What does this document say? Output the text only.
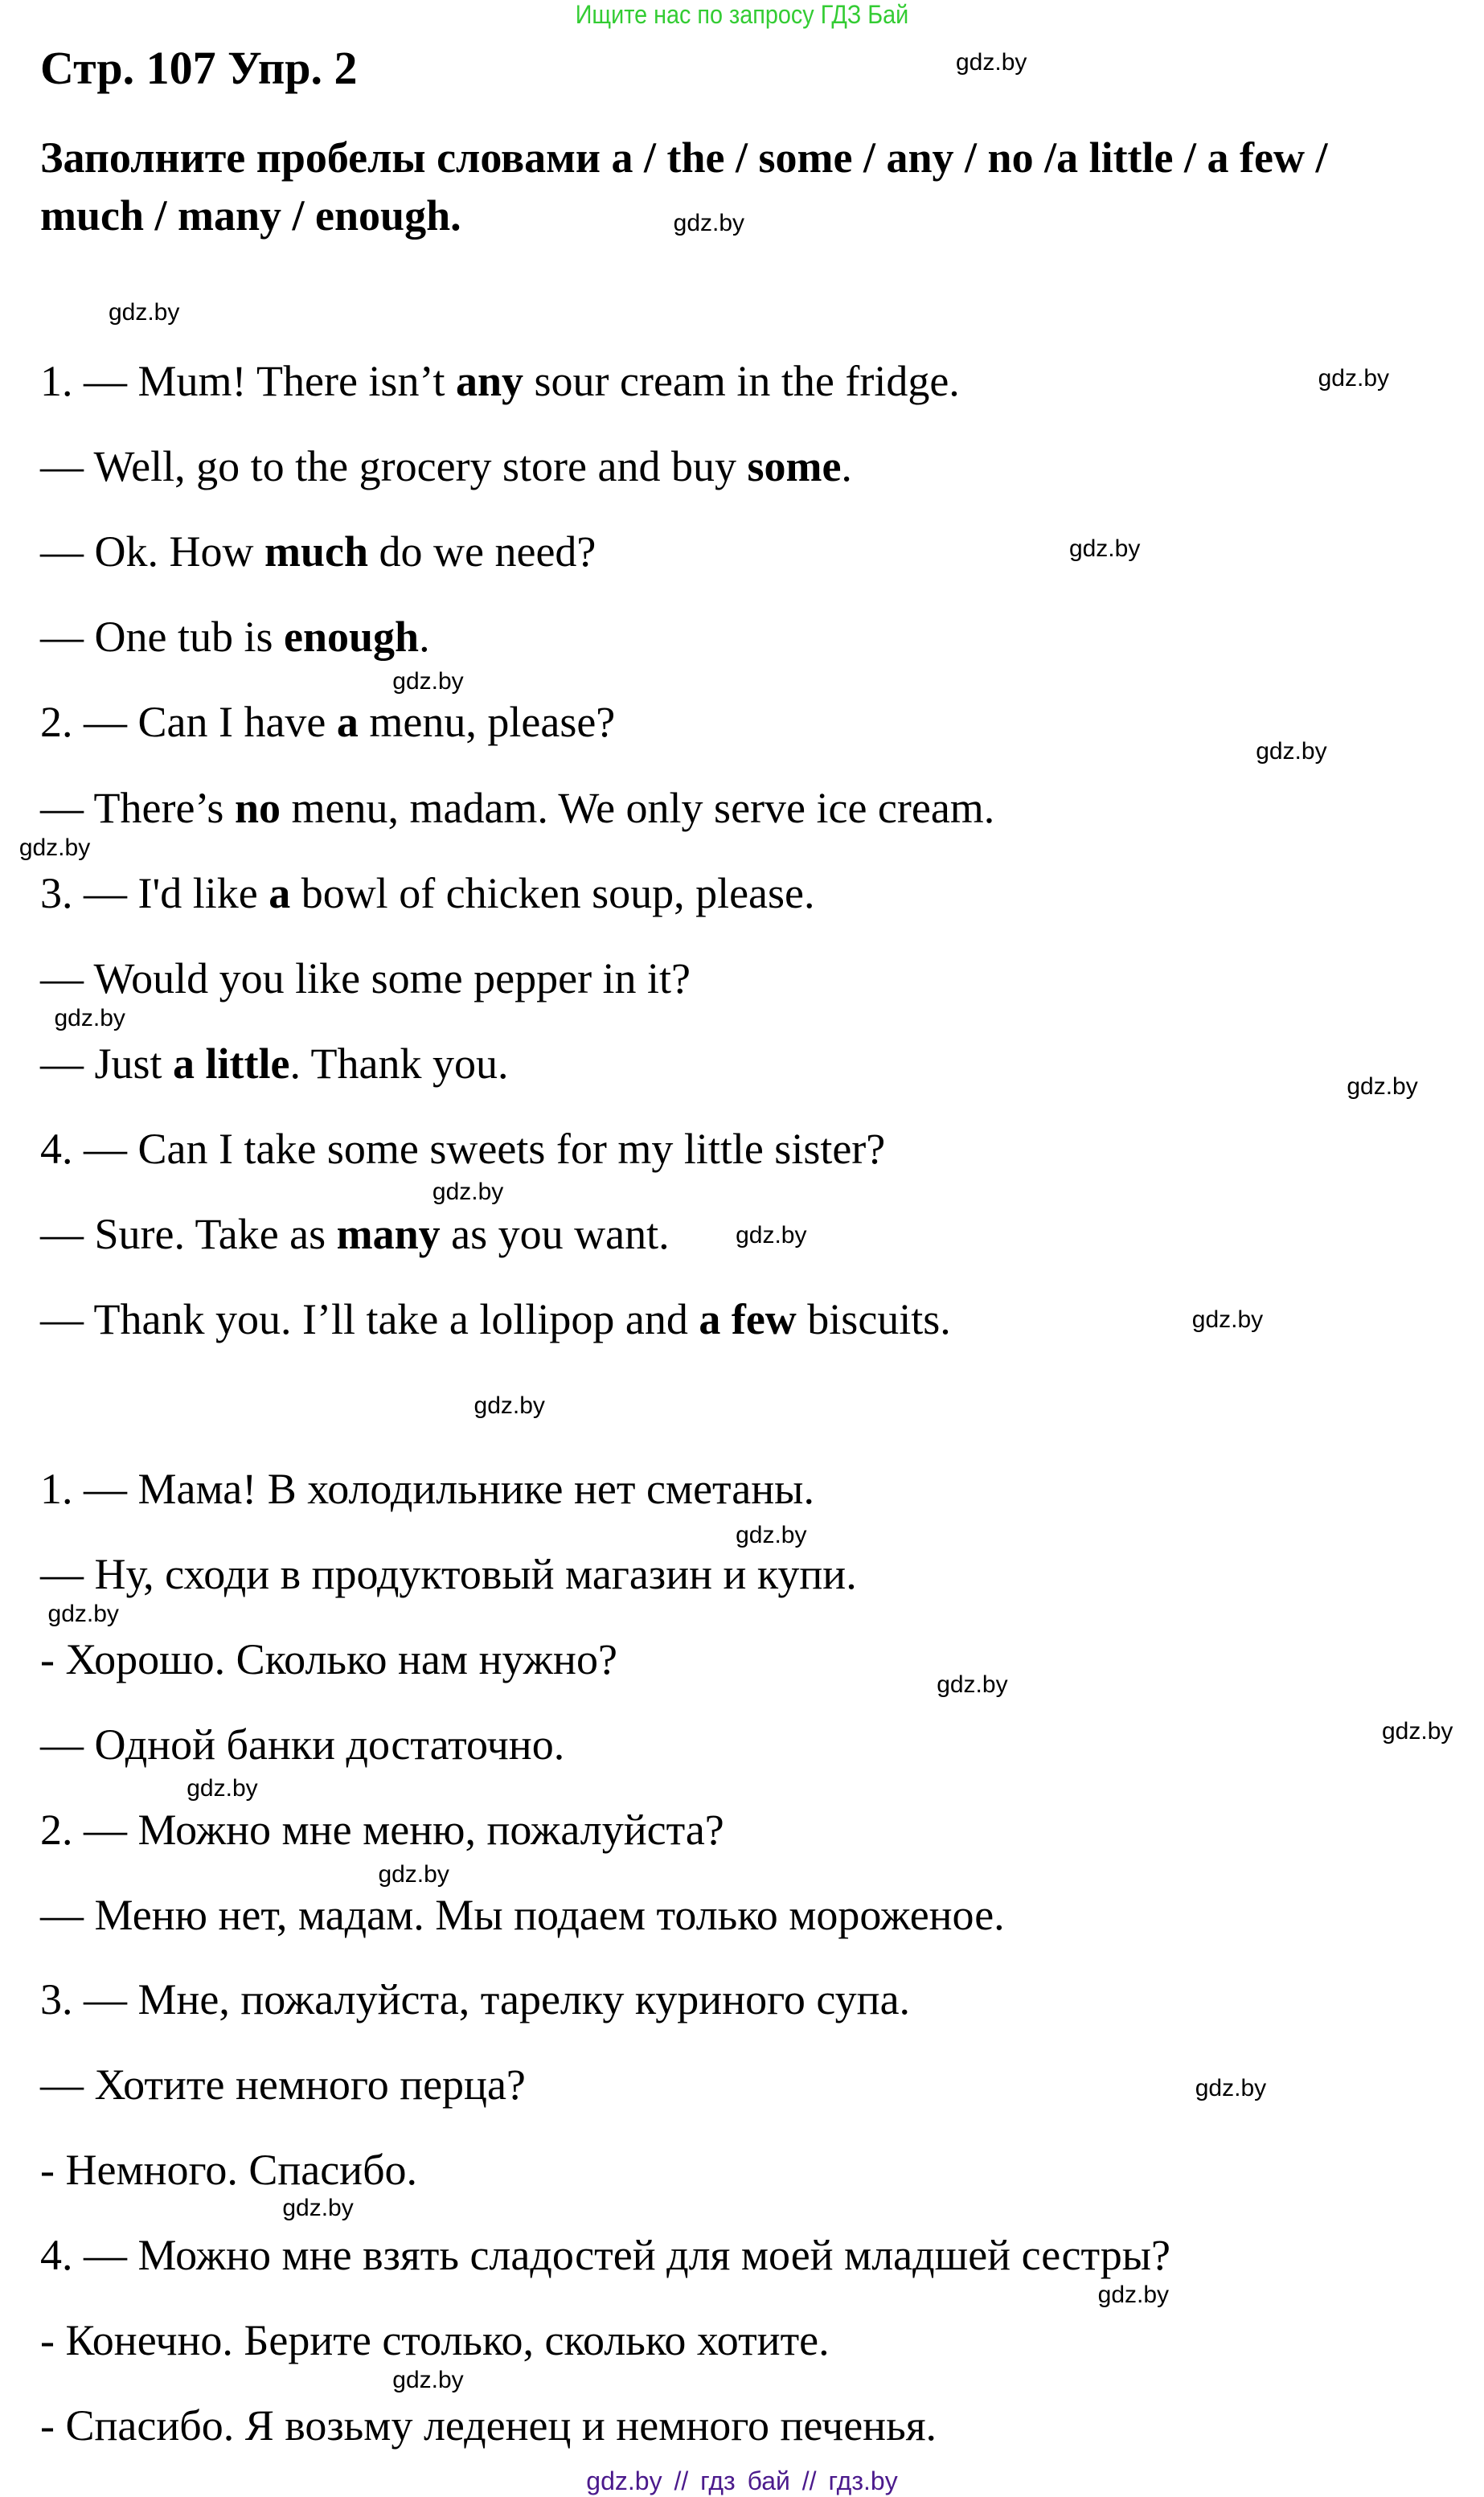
Ищите нас по запросу ГДЗ Бай
Стр. 107 Упр. 2
Заполните пробелы словами a / the / some / any / no /a little / a few /
much / many / enough.
1. — Mum! There isn’t any sour cream in the fridge.
— Well, go to the grocery store and buy some.
— Ok. How much do we need?
— One tub is enough.
2. — Can I have a menu, please?
— There’s no menu, madam. We only serve ice cream.
3. — I'd like a bowl of chicken soup, please.
— Would you like some pepper in it?
— Just a little. Thank you.
4. — Can I take some sweets for my little sister?
— Sure. Take as many as you want.
— Thank you. I’ll take a lollipop and a few biscuits.
1. — Мама! В холодильнике нет сметаны.
— Ну, сходи в продуктовый магазин и купи.
- Хорошо. Сколько нам нужно?
— Одной банки достаточно.
2. — Можно мне меню, пожалуйста?
— Меню нет, мадам. Мы подаем только мороженое.
3. — Мне, пожалуйста, тарелку куриного супа.
— Хотите немного перца?
- Немного. Спасибо.
4. — Можно мне взять сладостей для моей младшей сестры?
- Конечно. Берите столько, сколько хотите.
- Спасибо. Я возьму леденец и немного печенья.
gdz.by
gdz.by
gdz.by
gdz.by
gdz.by
gdz.by
gdz.by
gdz.by
gdz.by
gdz.by
gdz.by
gdz.by
gdz.by
gdz.by
gdz.by
gdz.by
gdz.by
gdz.by
gdz.by
gdz.by
gdz.by
gdz.by
gdz.by
gdz.by
gdz.by // гдз бай // гдз.by
